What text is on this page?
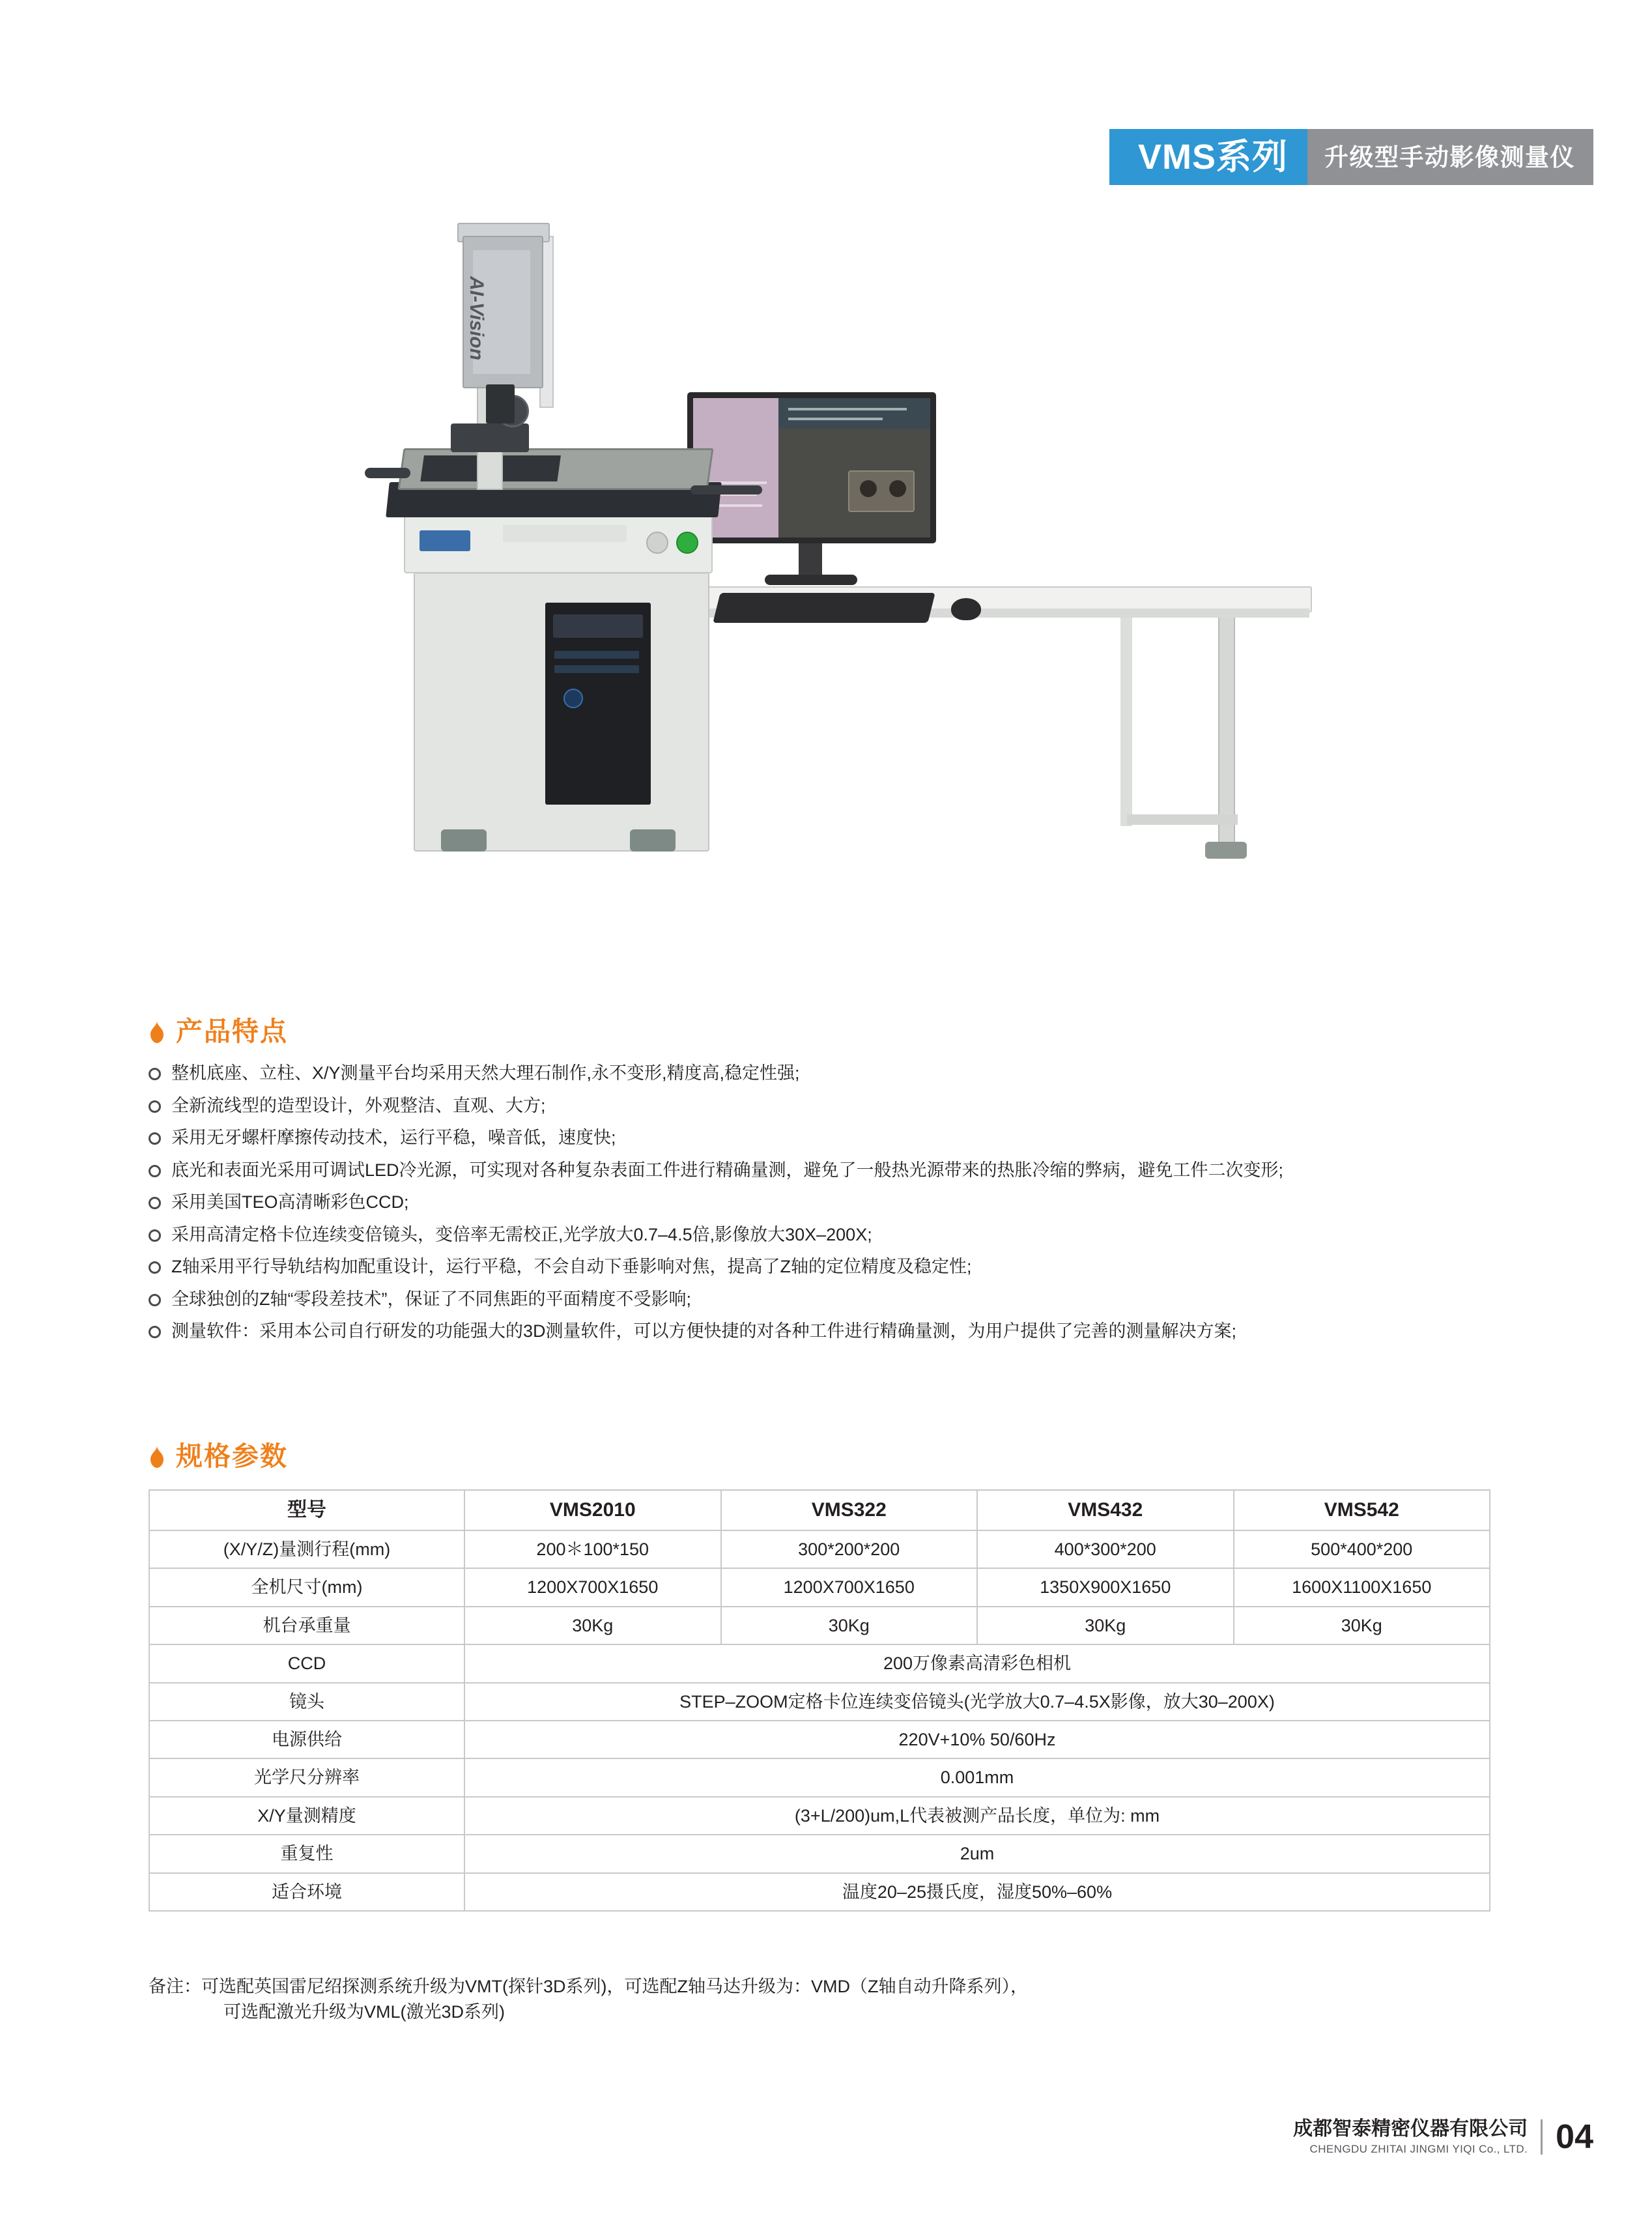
VMS系列 升级型手动影像测量仪
AI-Vision
产品特点
整机底座、立柱、X/Y测量平台均采用天然大理石制作,永不变形,精度高,稳定性强;
全新流线型的造型设计，外观整洁、直观、大方;
采用无牙螺杆摩擦传动技术，运行平稳，噪音低，速度快;
底光和表面光采用可调试LED冷光源，可实现对各种复杂表面工件进行精确量测，避免了一般热光源带来的热胀冷缩的弊病，避免工件二次变形;
采用美国TEO高清晰彩色CCD;
采用高清定格卡位连续变倍镜头，变倍率无需校正,光学放大0.7–4.5倍,影像放大30X–200X;
Z轴采用平行导轨结构加配重设计，运行平稳，不会自动下垂影响对焦，提高了Z轴的定位精度及稳定性;
全球独创的Z轴“零段差技术”，保证了不同焦距的平面精度不受影响;
测量软件：采用本公司自行研发的功能强大的3D测量软件，可以方便快捷的对各种工件进行精确量测，为用户提供了完善的测量解决方案;
规格参数
型号	VMS2010	VMS322	VMS432	VMS542
(X/Y/Z)量测行程(mm)	200＊100*150	300*200*200	400*300*200	500*400*200
全机尺寸(mm)	1200X700X1650	1200X700X1650	1350X900X1650	1600X1100X1650
机台承重量	30Kg	30Kg	30Kg	30Kg
CCD	200万像素高清彩色相机			
镜头	STEP–ZOOM定格卡位连续变倍镜头(光学放大0.7–4.5X影像，放大30–200X)			
电源供给	220V+10% 50/60Hz			
光学尺分辨率	0.001mm			
X/Y量测精度	(3+L/200)um,L代表被测产品长度，单位为: mm			
重复性	2um			
适合环境	温度20–25摄氏度，湿度50%–60%			
备注：可选配英国雷尼绍探测系统升级为VMT(探针3D系列)，可选配Z轴马达升级为：VMD（Z轴自动升降系列），
可选配激光升级为VML(激光3D系列)
成都智泰精密仪器有限公司
CHENGDU ZHITAI JINGMI YIQI Co., LTD. 04
